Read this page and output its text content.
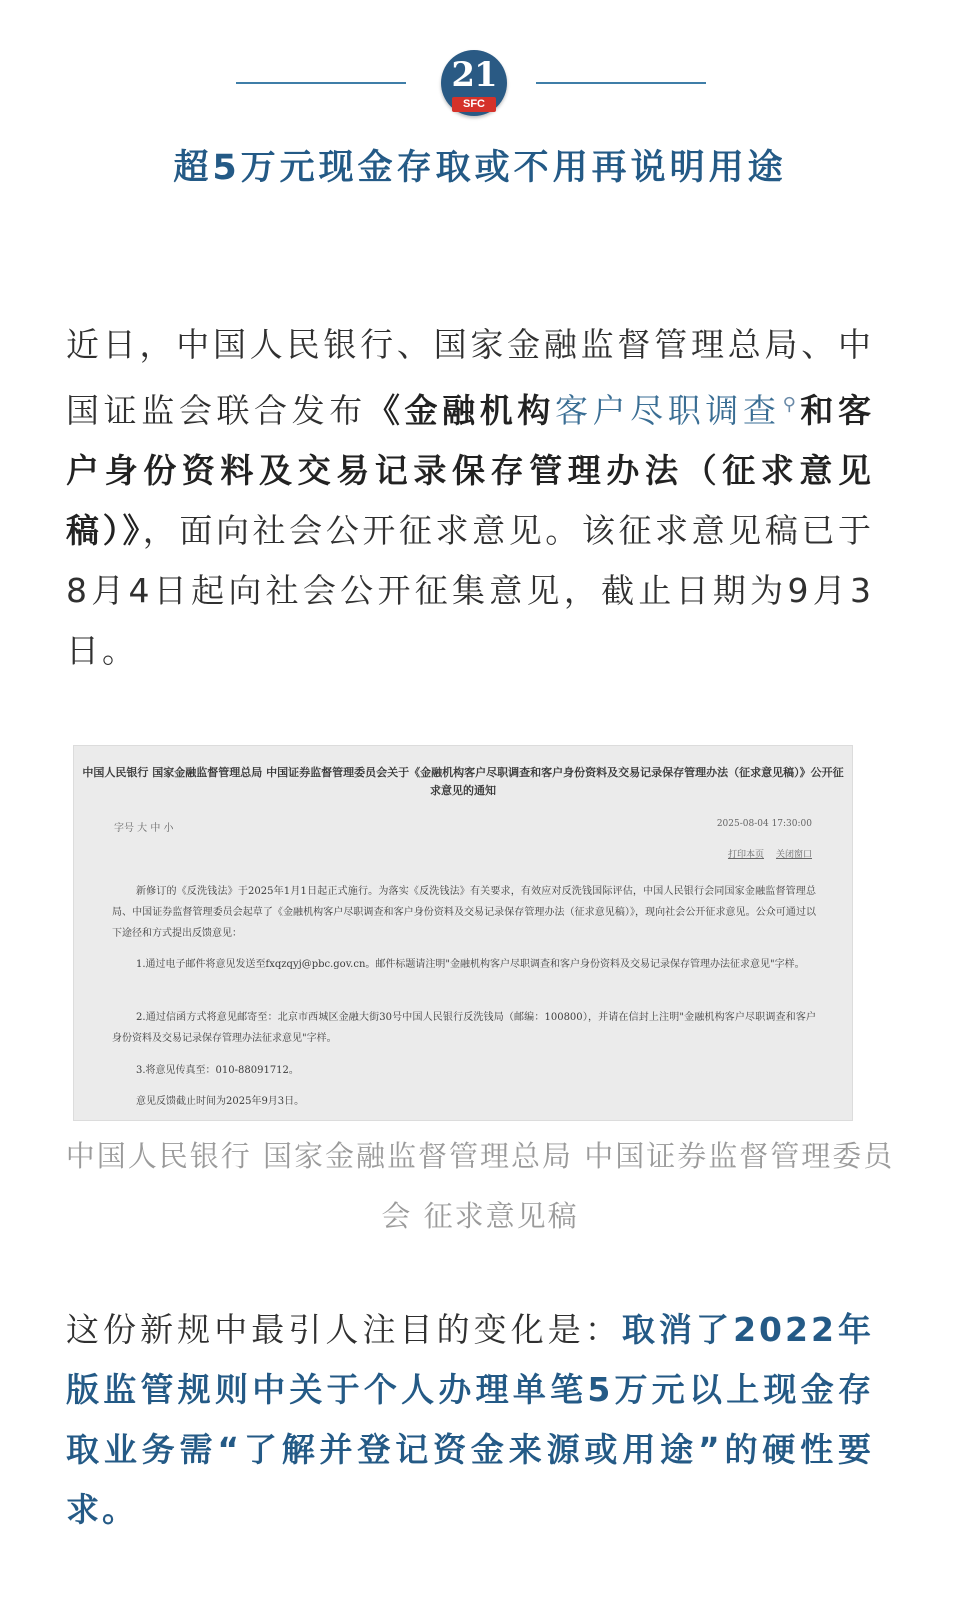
21
SFC
超5万元现金存取或不用再说明用途

近日，中国人民银行、国家金融监督管理总局、中国证监会联合发布《金融机构客户尽职调查 ⚲和客户身份资料及交易记录保存管理办法（征求意见稿）》，面向社会公开征求意见。该征求意见稿已于8月4日起向社会公开征集意见，截止日期为9月3日。

中国人民银行 国家金融监督管理总局 中国证券监督管理委员会关于《金融机构客户尽职调查和客户身份资料及交易记录保存管理办法（征求意见稿）》公开征求意见的通知
字号 大 中 小	2025-08-04 17:30:00
打印本页 关闭窗口

新修订的《反洗钱法》于2025年1月1日起正式施行。为落实《反洗钱法》有关要求，有效应对反洗钱国际评估，中国人民银行会同国家金融监督管理总局、中国证券监督管理委员会起草了《金融机构客户尽职调查和客户身份资料及交易记录保存管理办法（征求意见稿）》，现向社会公开征求意见。公众可通过以下途径和方式提出反馈意见：

1.通过电子邮件将意见发送至fxqzqyj@pbc.gov.cn。邮件标题请注明"金融机构客户尽职调查和客户身份资料及交易记录保存管理办法征求意见"字样。

2.通过信函方式将意见邮寄至：北京市西城区金融大街30号中国人民银行反洗钱局（邮编：100800），并请在信封上注明"金融机构客户尽职调查和客户身份资料及交易记录保存管理办法征求意见"字样。

3.将意见传真至：010-88091712。

意见反馈截止时间为2025年9月3日。

中国人民银行 国家金融监督管理总局 中国证券监督管理委员会 征求意见稿

这份新规中最引人注目的变化是：取消了2022年版监管规则中关于个人办理单笔5万元以上现金存取业务需“了解并登记资金来源或用途”的硬性要求。
